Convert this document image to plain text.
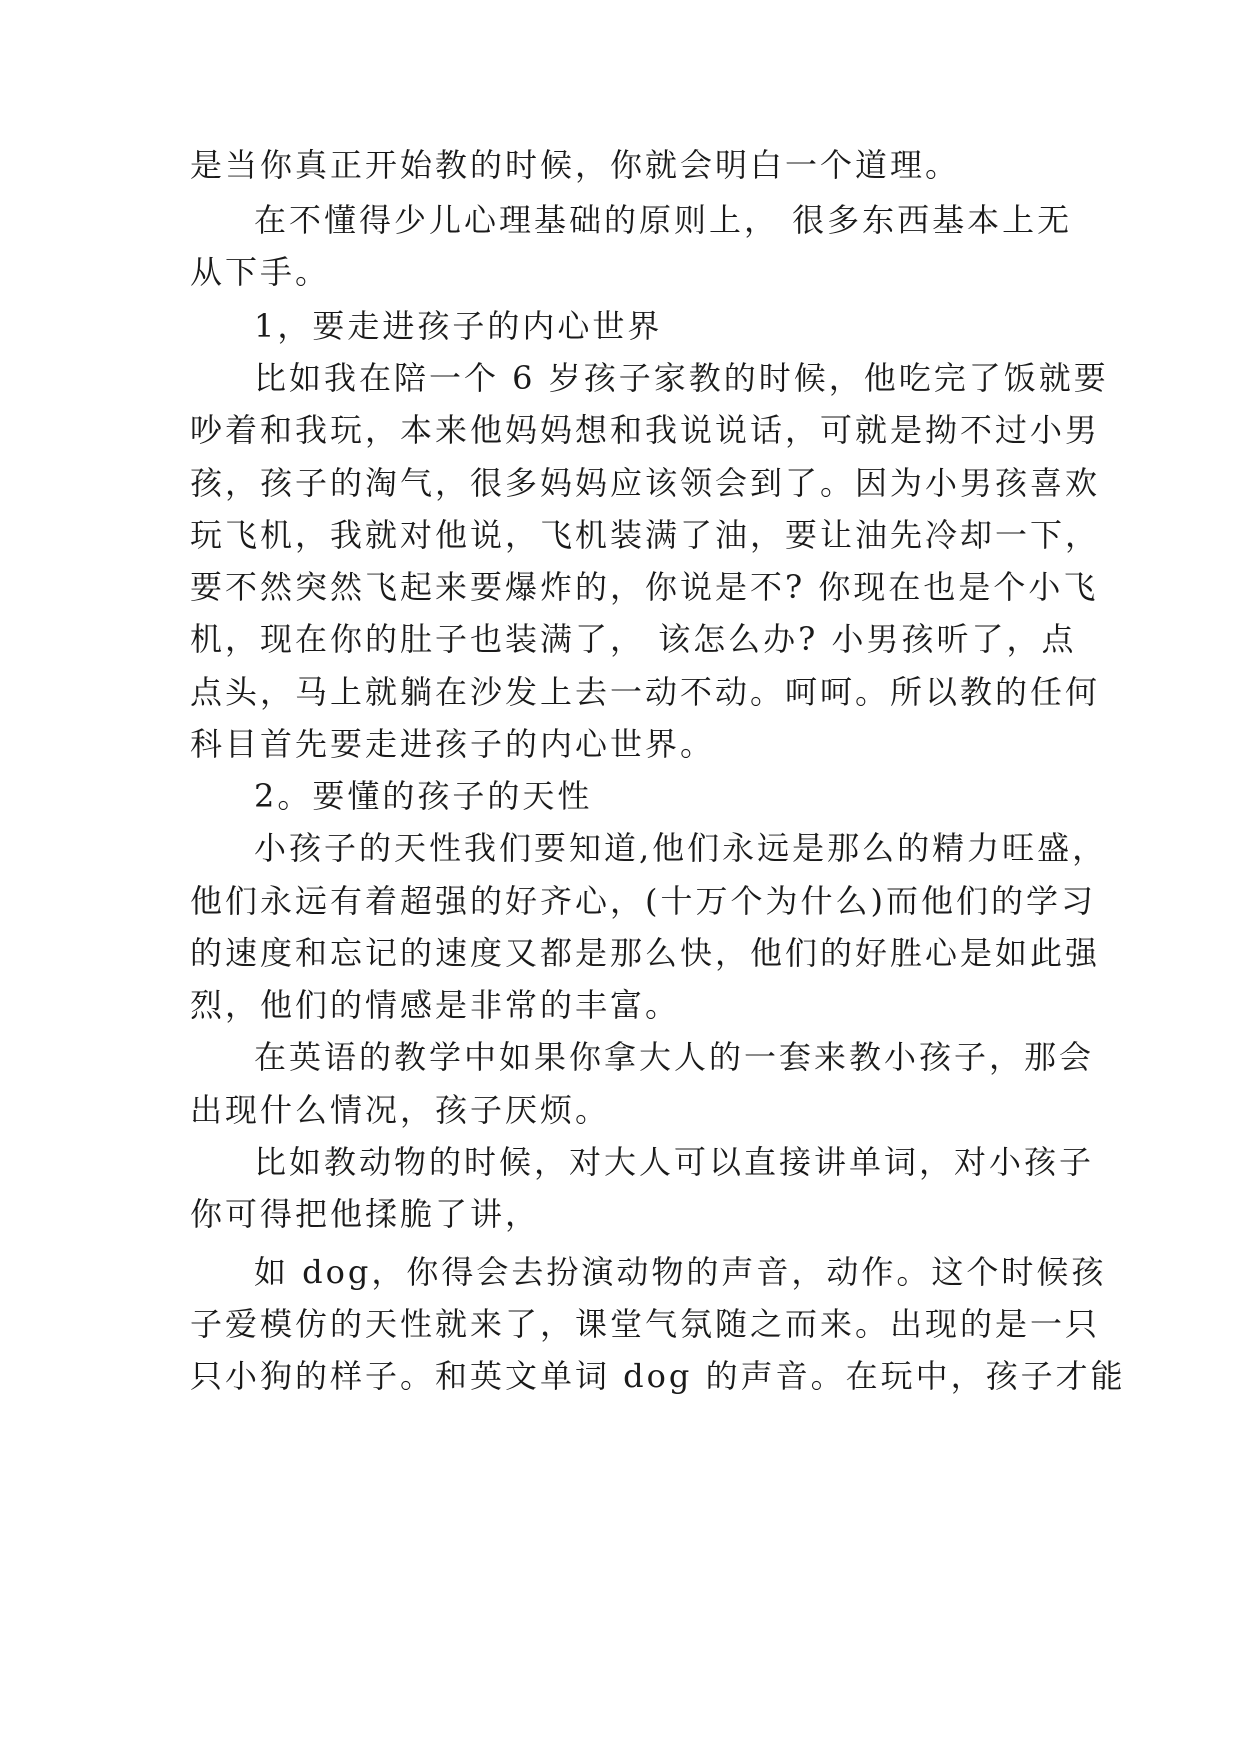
是当你真正开始教的时候，你就会明白一个道理。

在不懂得少儿心理基础的原则上， 很多东西基本上无

从下手。

1，要走进孩子的内心世界

比如我在陪一个 6 岁孩子家教的时候，他吃完了饭就要

吵着和我玩，本来他妈妈想和我说说话，可就是拗不过小男

孩，孩子的淘气，很多妈妈应该领会到了。因为小男孩喜欢

玩飞机，我就对他说，飞机装满了油，要让油先冷却一下，

要不然突然飞起来要爆炸的，你说是不? 你现在也是个小飞

机，现在你的肚子也装满了， 该怎么办? 小男孩听了，点

点头，马上就躺在沙发上去一动不动。呵呵。所以教的任何

科目首先要走进孩子的内心世界。

2。要懂的孩子的天性

小孩子的天性我们要知道,他们永远是那么的精力旺盛，

他们永远有着超强的好齐心，(十万个为什么)而他们的学习

的速度和忘记的速度又都是那么快，他们的好胜心是如此强

烈，他们的情感是非常的丰富。

在英语的教学中如果你拿大人的一套来教小孩子，那会

出现什么情况，孩子厌烦。

比如教动物的时候，对大人可以直接讲单词，对小孩子

你可得把他揉脆了讲，

如 dog，你得会去扮演动物的声音，动作。这个时候孩

子爱模仿的天性就来了，课堂气氛随之而来。出现的是一只

只小狗的样子。和英文单词 dog 的声音。在玩中，孩子才能
